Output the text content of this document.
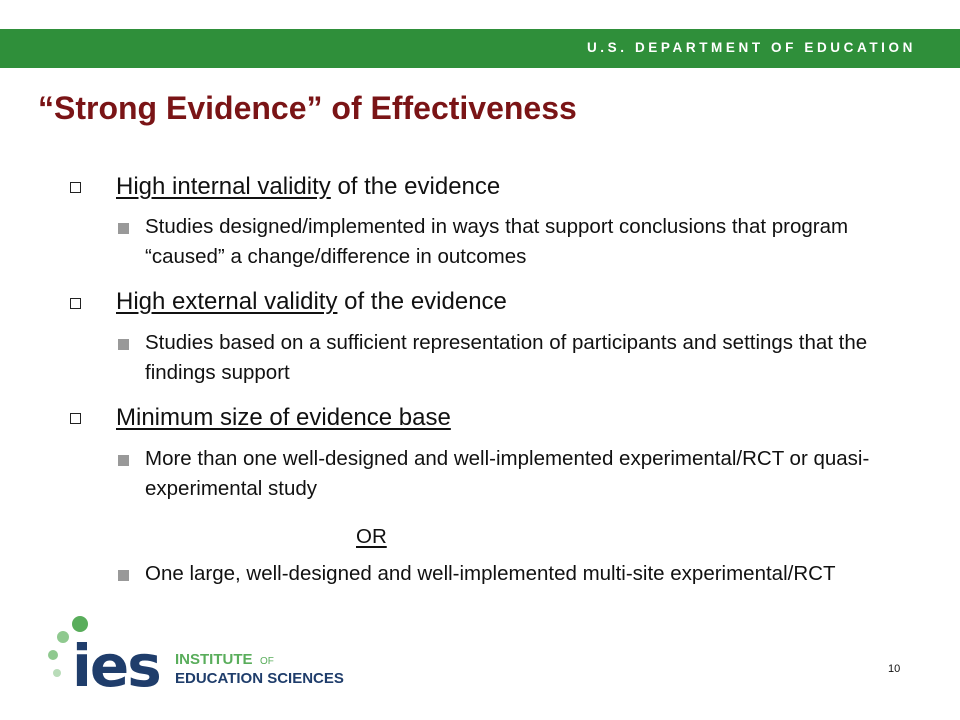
U.S. DEPARTMENT OF EDUCATION
“Strong Evidence” of Effectiveness
High internal validity of the evidence
Studies designed/implemented in ways that support conclusions that program “caused” a change/difference in outcomes
High external validity of the evidence
Studies based on a sufficient representation of participants and settings that the findings support
Minimum size of evidence base
More than one well-designed and well-implemented experimental/RCT or quasi-experimental study
OR
One large, well-designed and well-implemented multi-site experimental/RCT
ies INSTITUTE OF
EDUCATION SCIENCES
10
